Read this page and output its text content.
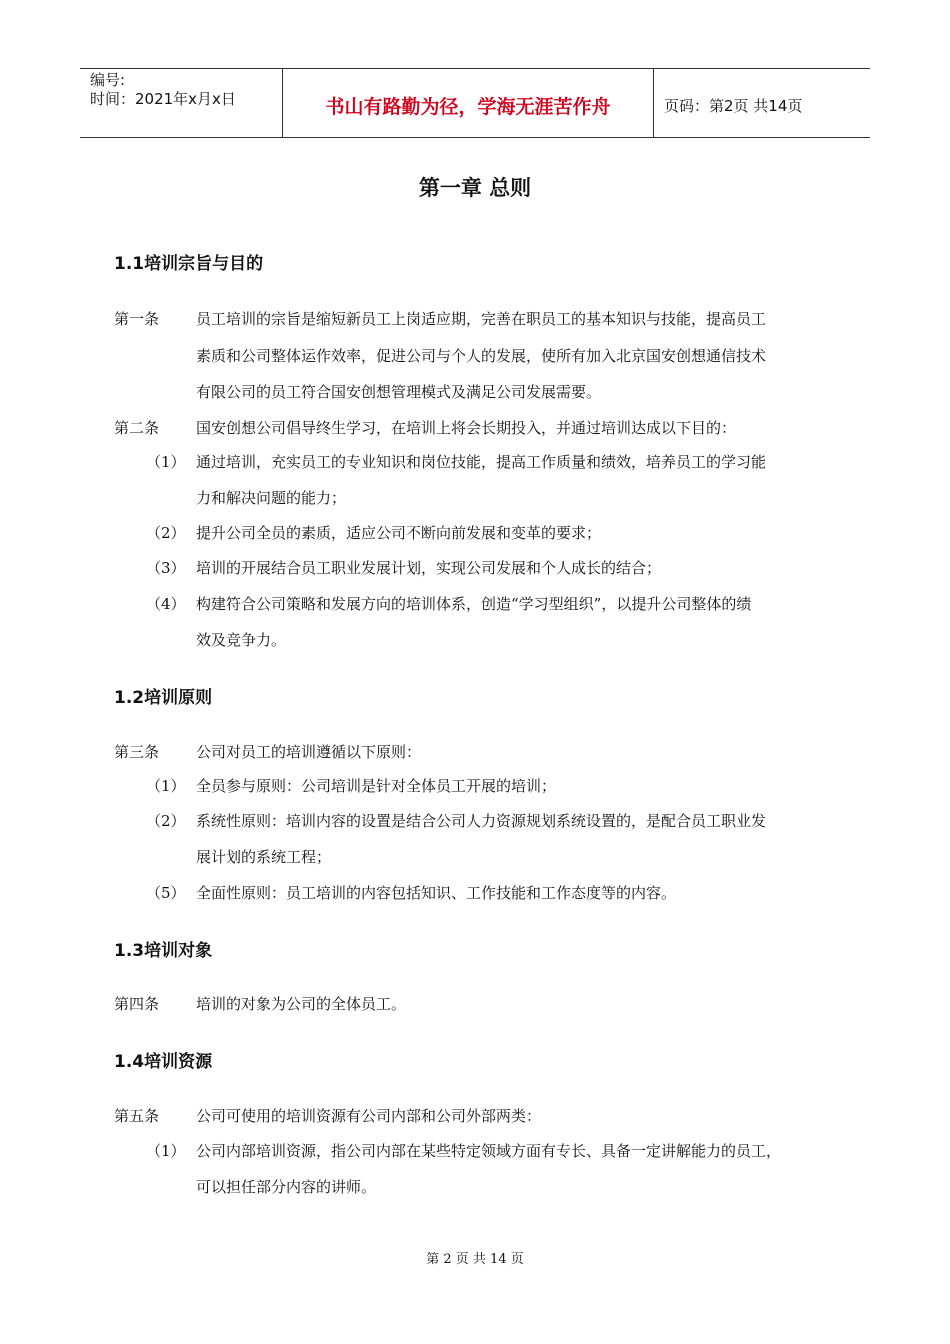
编号:
时间：2021年x月x日	书山有路勤为径，学海无涯苦作舟	页码：第2页 共14页
第一章 总则
1.1培训宗旨与目的
第一条 员工培训的宗旨是缩短新员工上岗适应期，完善在职员工的基本知识与技能，提高员工
素质和公司整体运作效率，促进公司与个人的发展，使所有加入北京国安创想通信技术
有限公司的员工符合国安创想管理模式及满足公司发展需要。
第二条 国安创想公司倡导终生学习，在培训上将会长期投入，并通过培训达成以下目的：
（1） 通过培训，充实员工的专业知识和岗位技能，提高工作质量和绩效，培养员工的学习能
力和解决问题的能力；
（2） 提升公司全员的素质，适应公司不断向前发展和变革的要求；
（3） 培训的开展结合员工职业发展计划，实现公司发展和个人成长的结合；
（4） 构建符合公司策略和发展方向的培训体系，创造“学习型组织”，以提升公司整体的绩
效及竞争力。
1.2培训原则
第三条 公司对员工的培训遵循以下原则：
（1） 全员参与原则：公司培训是针对全体员工开展的培训；
（2） 系统性原则：培训内容的设置是结合公司人力资源规划系统设置的，是配合员工职业发
展计划的系统工程；
（5） 全面性原则：员工培训的内容包括知识、工作技能和工作态度等的内容。
1.3培训对象
第四条 培训的对象为公司的全体员工。
1.4培训资源
第五条 公司可使用的培训资源有公司内部和公司外部两类：
（1） 公司内部培训资源，指公司内部在某些特定领域方面有专长、具备一定讲解能力的员工，
可以担任部分内容的讲师。
第 2 页 共 14 页
